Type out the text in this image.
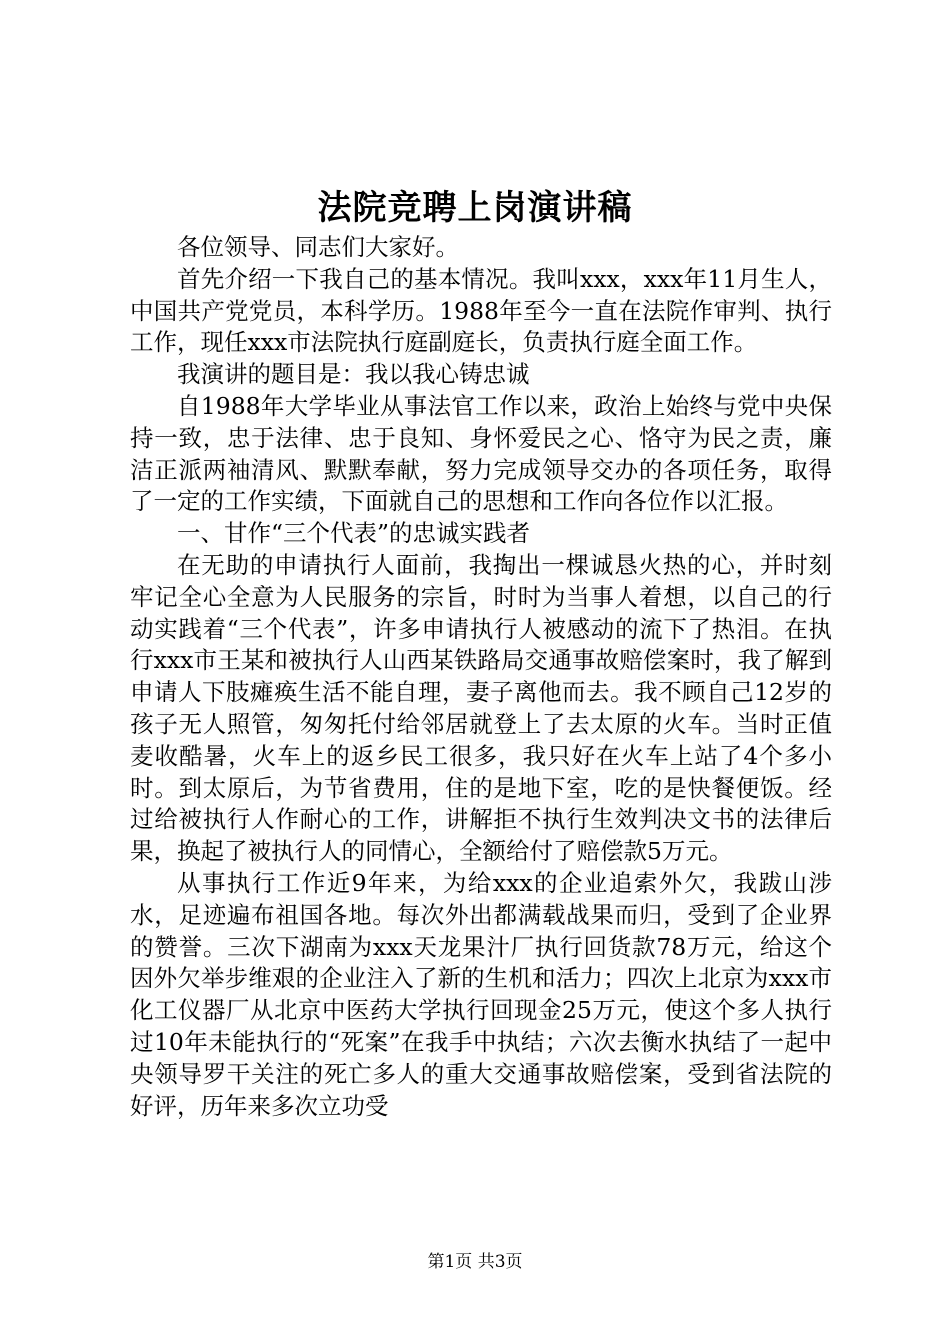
法院竞聘上岗演讲稿

各位领导、同志们大家好。

首先介绍一下我自己的基本情况。我叫xxx，xxx年11月生人，中国共产党党员，本科学历。1988年至今一直在法院作审判、执行工作，现任xxx市法院执行庭副庭长，负责执行庭全面工作。

我演讲的题目是：我以我心铸忠诚

自1988年大学毕业从事法官工作以来，政治上始终与党中央保持一致，忠于法律、忠于良知、身怀爱民之心、恪守为民之责，廉洁正派两袖清风、默默奉献，努力完成领导交办的各项任务，取得了一定的工作实绩，下面就自己的思想和工作向各位作以汇报。

一、甘作“三个代表”的忠诚实践者

在无助的申请执行人面前，我掏出一棵诚恳火热的心，并时刻牢记全心全意为人民服务的宗旨，时时为当事人着想，以自己的行动实践着“三个代表”，许多申请执行人被感动的流下了热泪。在执行xxx市王某和被执行人山西某铁路局交通事故赔偿案时，我了解到申请人下肢瘫痪生活不能自理，妻子离他而去。我不顾自己12岁的孩子无人照管，匆匆托付给邻居就登上了去太原的火车。当时正值麦收酷暑，火车上的返乡民工很多，我只好在火车上站了4个多小时。到太原后，为节省费用，住的是地下室，吃的是快餐便饭。经过给被执行人作耐心的工作，讲解拒不执行生效判决文书的法律后果，换起了被执行人的同情心，全额给付了赔偿款5万元。

从事执行工作近9年来，为给xxx的企业追索外欠，我跋山涉水，足迹遍布祖国各地。每次外出都满载战果而归，受到了企业界的赞誉。三次下湖南为xxx天龙果汁厂执行回货款78万元，给这个因外欠举步维艰的企业注入了新的生机和活力；四次上北京为xxx市化工仪器厂从北京中医药大学执行回现金25万元，使这个多人执行过10年未能执行的“死案”在我手中执结；六次去衡水执结了一起中央领导罗干关注的死亡多人的重大交通事故赔偿案，受到省法院的好评，历年来多次立功受

第1页 共3页
